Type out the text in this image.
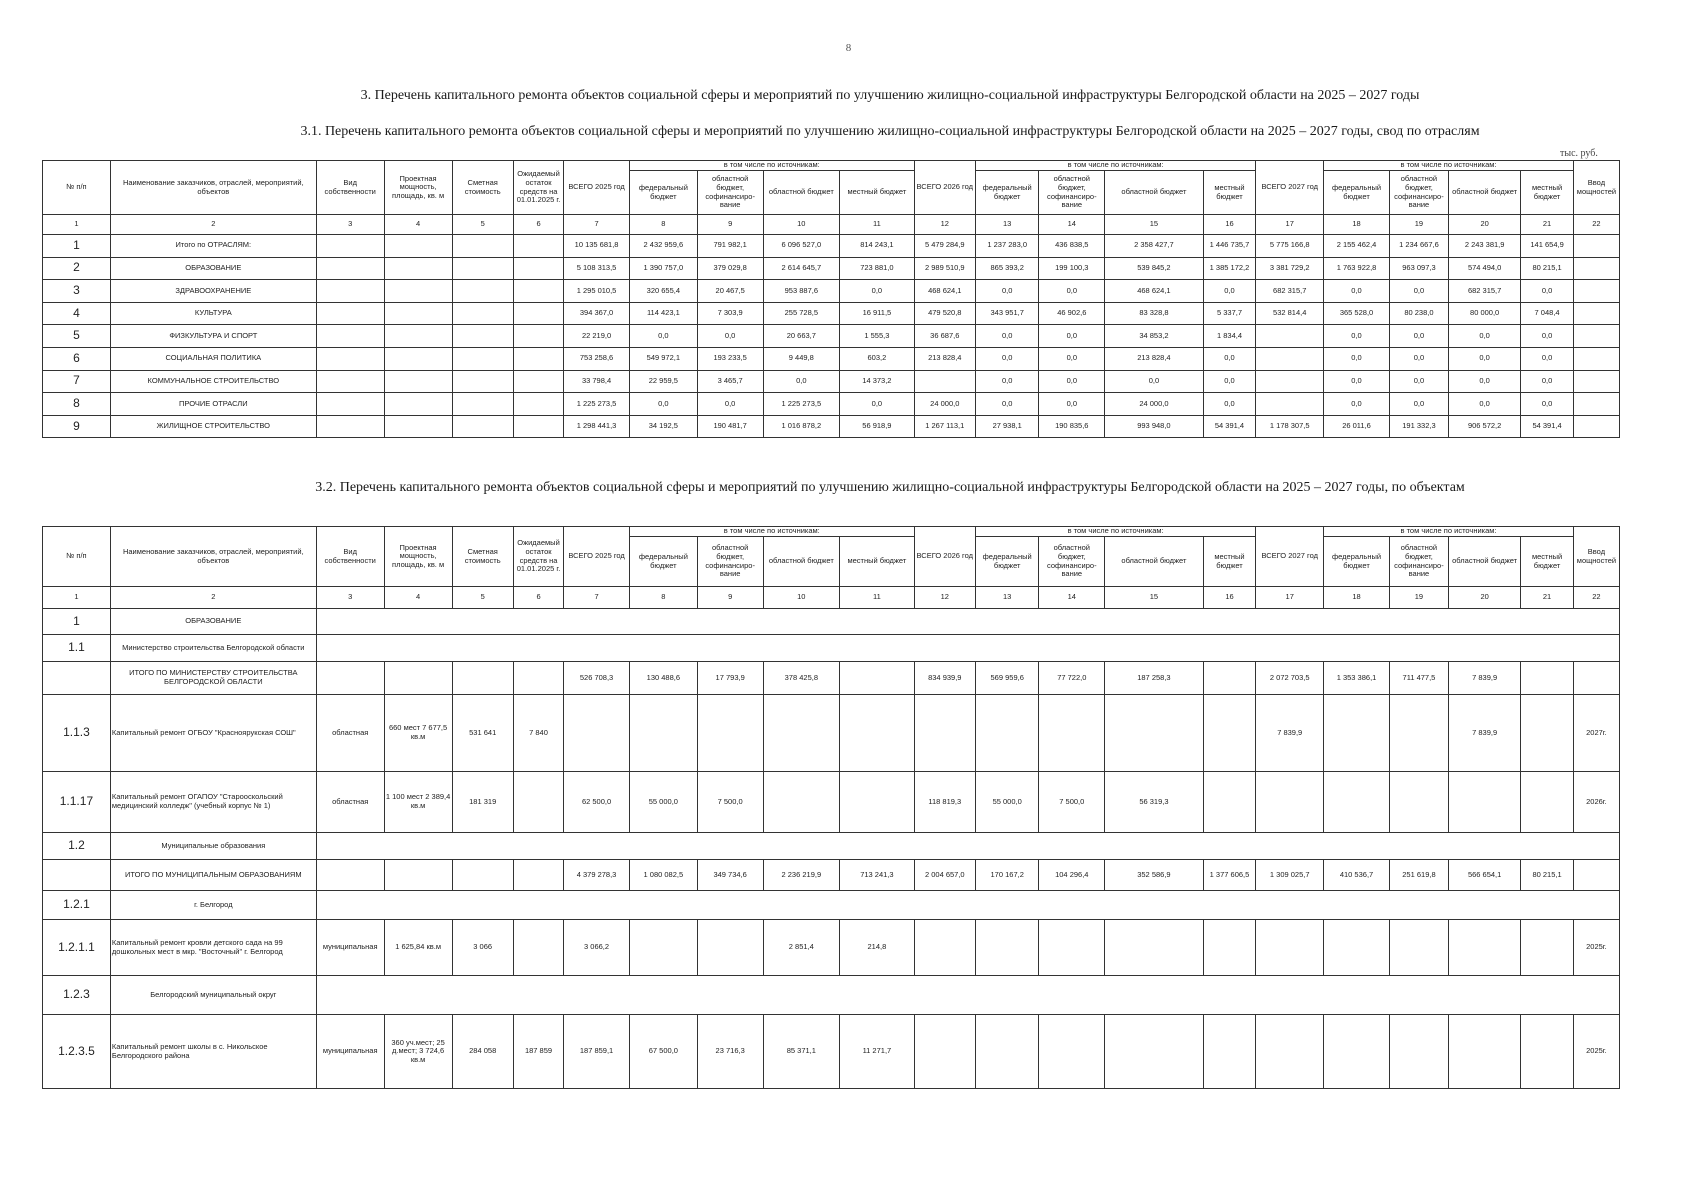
8
3. Перечень капитального ремонта объектов социальной сферы и мероприятий по улучшению жилищно-социальной инфраструктуры Белгородской области на 2025 – 2027 годы
3.1. Перечень капитального ремонта объектов социальной сферы и мероприятий по улучшению жилищно-социальной инфраструктуры Белгородской области на 2025 – 2027 годы, свод по отраслям
тыс. руб.
№ п/п	Наименование заказчиков, отраслей, мероприятий, объектов	Вид собственности	Проектная мощность, площадь, кв. м	Сметная стоимость	Ожидаемый остаток средств на 01.01.2025 г.	ВСЕГО 2025 год	в том числе по источникам:				ВСЕГО 2026 год	в том числе по источникам:				ВСЕГО 2027 год	в том числе по источникам:				Ввод мощностей
							федеральный бюджет	областной бюджет, софинансиро-вание	областной бюджет	местный бюджет		федеральный бюджет	областной бюджет, софинансиро-вание	областной бюджет	местный бюджет		федеральный бюджет	областной бюджет, софинансиро-вание	областной бюджет	местный бюджет	
1	2	3	4	5	6	7	8	9	10	11	12	13	14	15	16	17	18	19	20	21	22
1	Итого по ОТРАСЛЯМ:					10 135 681,8	2 432 959,6	791 982,1	6 096 527,0	814 243,1	5 479 284,9	1 237 283,0	436 838,5	2 358 427,7	1 446 735,7	5 775 166,8	2 155 462,4	1 234 667,6	2 243 381,9	141 654,9	
2	ОБРАЗОВАНИЕ					5 108 313,5	1 390 757,0	379 029,8	2 614 645,7	723 881,0	2 989 510,9	865 393,2	199 100,3	539 845,2	1 385 172,2	3 381 729,2	1 763 922,8	963 097,3	574 494,0	80 215,1	
3	ЗДРАВООХРАНЕНИЕ					1 295 010,5	320 655,4	20 467,5	953 887,6	0,0	468 624,1	0,0	0,0	468 624,1	0,0	682 315,7	0,0	0,0	682 315,7	0,0	
4	КУЛЬТУРА					394 367,0	114 423,1	7 303,9	255 728,5	16 911,5	479 520,8	343 951,7	46 902,6	83 328,8	5 337,7	532 814,4	365 528,0	80 238,0	80 000,0	7 048,4	
5	ФИЗКУЛЬТУРА И СПОРТ					22 219,0	0,0	0,0	20 663,7	1 555,3	36 687,6	0,0	0,0	34 853,2	1 834,4		0,0	0,0	0,0	0,0	
6	СОЦИАЛЬНАЯ ПОЛИТИКА					753 258,6	549 972,1	193 233,5	9 449,8	603,2	213 828,4	0,0	0,0	213 828,4	0,0		0,0	0,0	0,0	0,0	
7	КОММУНАЛЬНОЕ СТРОИТЕЛЬСТВО					33 798,4	22 959,5	3 465,7	0,0	14 373,2		0,0	0,0	0,0	0,0		0,0	0,0	0,0	0,0	
8	ПРОЧИЕ ОТРАСЛИ					1 225 273,5	0,0	0,0	1 225 273,5	0,0	24 000,0	0,0	0,0	24 000,0	0,0		0,0	0,0	0,0	0,0	
9	ЖИЛИЩНОЕ СТРОИТЕЛЬСТВО					1 298 441,3	34 192,5	190 481,7	1 016 878,2	56 918,9	1 267 113,1	27 938,1	190 835,6	993 948,0	54 391,4	1 178 307,5	26 011,6	191 332,3	906 572,2	54 391,4	
3.2. Перечень капитального ремонта объектов социальной сферы и мероприятий по улучшению жилищно-социальной инфраструктуры Белгородской области на 2025 – 2027 годы, по объектам
№ п/п	Наименование заказчиков, отраслей, мероприятий, объектов	Вид собственности	Проектная мощность, площадь, кв. м	Сметная стоимость	Ожидаемый остаток средств на 01.01.2025 г.	ВСЕГО 2025 год	в том числе по источникам:				ВСЕГО 2026 год	в том числе по источникам:				ВСЕГО 2027 год	в том числе по источникам:				Ввод мощностей
							федеральный бюджет	областной бюджет, софинансиро-вание	областной бюджет	местный бюджет		федеральный бюджет	областной бюджет, софинансиро-вание	областной бюджет	местный бюджет		федеральный бюджет	областной бюджет, софинансиро-вание	областной бюджет	местный бюджет	
1	2	3	4	5	6	7	8	9	10	11	12	13	14	15	16	17	18	19	20	21	22
1	ОБРАЗОВАНИЕ																				
1.1	Министерство строительства Белгородской области																				
	ИТОГО ПО МИНИСТЕРСТВУ СТРОИТЕЛЬСТВА БЕЛГОРОДСКОЙ ОБЛАСТИ					526 708,3	130 488,6	17 793,9	378 425,8		834 939,9	569 959,6	77 722,0	187 258,3		2 072 703,5	1 353 386,1	711 477,5	7 839,9		
1.1.3	Капитальный ремонт ОГБОУ "Красноярукская СОШ"	областная	660 мест 7 677,5 кв.м	531 641	7 840											7 839,9			7 839,9		2027г.
1.1.17	Капитальный ремонт ОГАПОУ "Старооскольский медицинский колледж" (учебный корпус № 1)	областная	1 100 мест 2 389,4 кв.м	181 319		62 500,0	55 000,0	7 500,0			118 819,3	55 000,0	7 500,0	56 319,3							2026г.
1.2	Муниципальные образования																				
	ИТОГО ПО МУНИЦИПАЛЬНЫМ ОБРАЗОВАНИЯМ					4 379 278,3	1 080 082,5	349 734,6	2 236 219,9	713 241,3	2 004 657,0	170 167,2	104 296,4	352 586,9	1 377 606,5	1 309 025,7	410 536,7	251 619,8	566 654,1	80 215,1	
1.2.1	г. Белгород																				
1.2.1.1	Капитальный ремонт кровли детского сада на 99 дошкольных мест в мкр. "Восточный" г. Белгород	муниципальная	1 625,84 кв.м	3 066		3 066,2			2 851,4	214,8											2025г.
1.2.3	Белгородский муниципальный округ																				
1.2.3.5	Капитальный ремонт школы в с. Никольское Белгородского района	муниципальная	360 уч.мест; 25 д.мест; 3 724,6 кв.м	284 058	187 859	187 859,1	67 500,0	23 716,3	85 371,1	11 271,7											2025г.
